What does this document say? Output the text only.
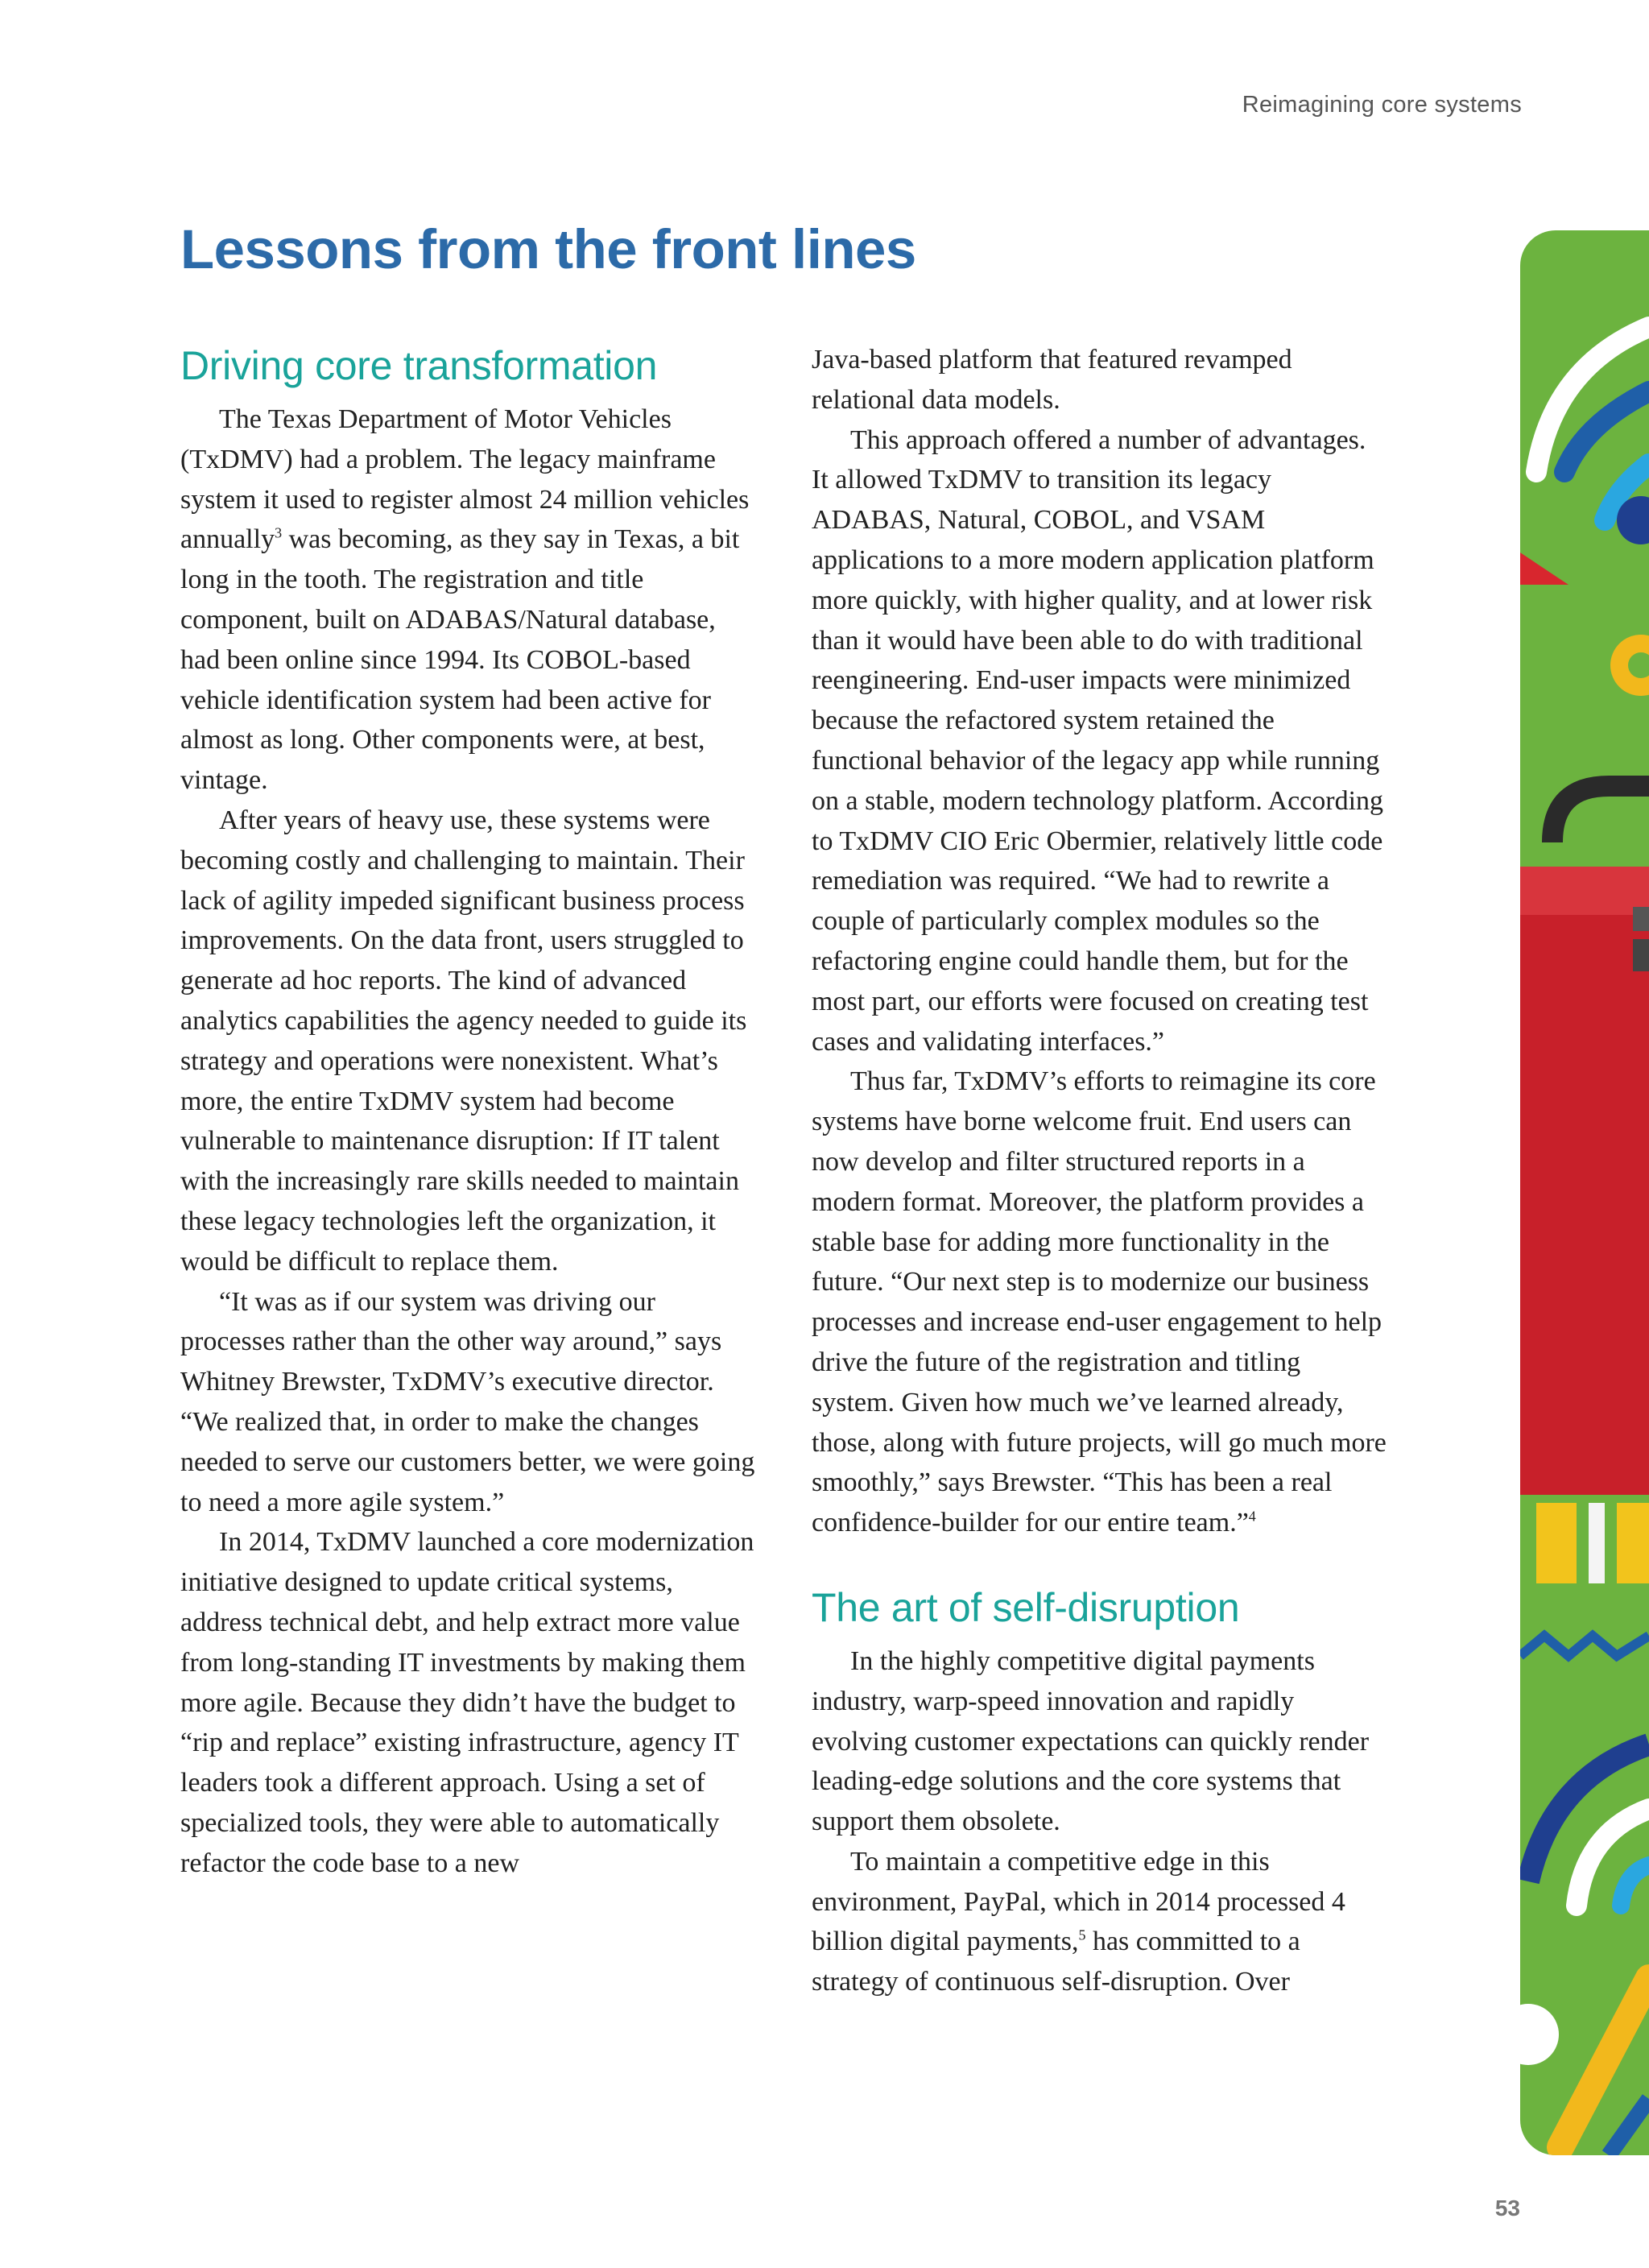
Reimagining core systems
Lessons from the front lines
Driving core transformation

The Texas Department of Motor Vehicles (TxDMV) had a problem. The legacy mainframe system it used to register almost 24 million vehicles annually$^3$ was becoming, as they say in Texas, a bit long in the tooth. The registration and title component, built on ADABAS/Natural database, had been online since 1994. Its COBOL-based vehicle identification system had been active for almost as long. Other components were, at best, vintage.

After years of heavy use, these systems were becoming costly and challenging to maintain. Their lack of agility impeded significant business process improvements. On the data front, users struggled to generate ad hoc reports. The kind of advanced analytics capabilities the agency needed to guide its strategy and operations were nonexistent. What’s more, the entire TxDMV system had become vulnerable to maintenance disruption: If IT talent with the increasingly rare skills needed to maintain these legacy technologies left the organization, it would be difficult to replace them.

“It was as if our system was driving our processes rather than the other way around,” says Whitney Brewster, TxDMV’s executive director. “We realized that, in order to make the changes needed to serve our customers better, we were going to need a more agile system.”

In 2014, TxDMV launched a core modernization initiative designed to update critical systems, address technical debt, and help extract more value from long-standing IT investments by making them more agile. Because they didn’t have the budget to “rip and replace” existing infrastructure, agency IT leaders took a different approach. Using a set of specialized tools, they were able to automatically refactor the code base to a new

Java-based platform that featured revamped relational data models.

This approach offered a number of advantages. It allowed TxDMV to transition its legacy ADABAS, Natural, COBOL, and VSAM applications to a more modern application platform more quickly, with higher quality, and at lower risk than it would have been able to do with traditional reengineering. End-user impacts were minimized because the refactored system retained the functional behavior of the legacy app while running on a stable, modern technology platform. According to TxDMV CIO Eric Obermier, relatively little code remediation was required. “We had to rewrite a couple of particularly complex modules so the refactoring engine could handle them, but for the most part, our efforts were focused on creating test cases and validating interfaces.”

Thus far, TxDMV’s efforts to reimagine its core systems have borne welcome fruit. End users can now develop and filter structured reports in a modern format. Moreover, the platform provides a stable base for adding more functionality in the future. “Our next step is to modernize our business processes and increase end-user engagement to help drive the future of the registration and titling system. Given how much we’ve learned already, those, along with future projects, will go much more smoothly,” says Brewster. “This has been a real confidence-builder for our entire team.”$^4$

The art of self-disruption

In the highly competitive digital payments industry, warp-speed innovation and rapidly evolving customer expectations can quickly render leading-edge solutions and the core systems that support them obsolete.

To maintain a competitive edge in this environment, PayPal, which in 2014 processed 4 billion digital payments,$^5$ has committed to a strategy of continuous self-disruption. Over

53
